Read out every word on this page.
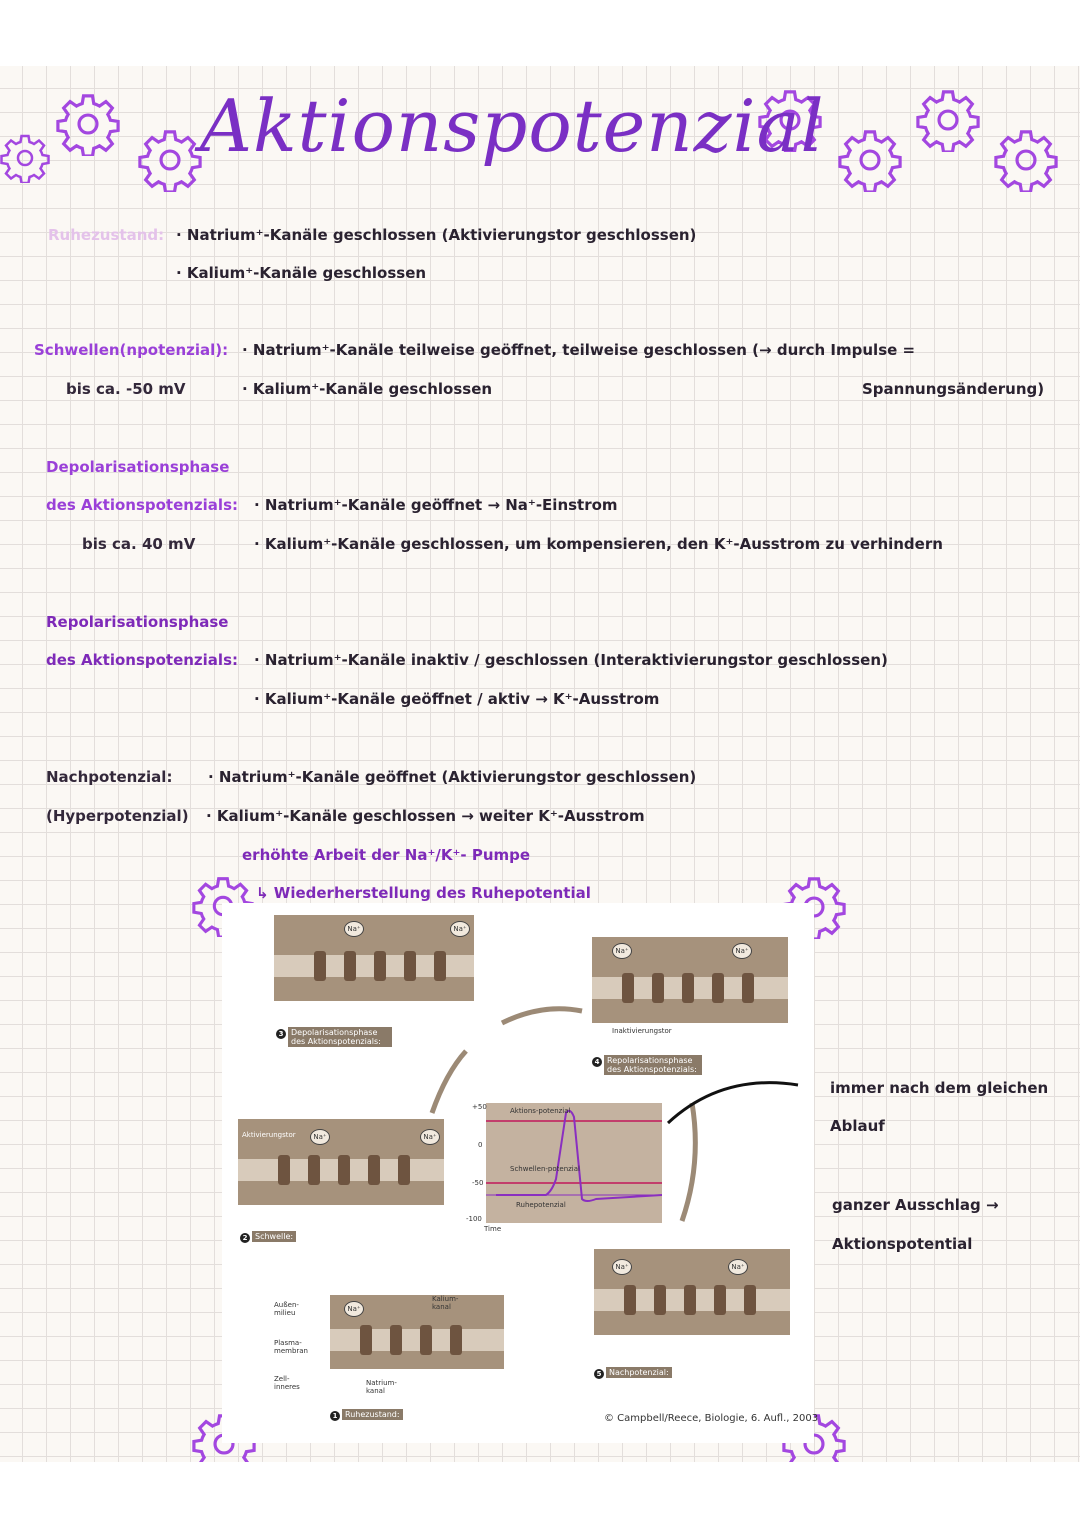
Aktionspotenzial
Ruhezustand: · Natrium⁺-Kanäle geschlossen (Aktivierungstor geschlossen)
· Kalium⁺-Kanäle geschlossen
Schwellen(npotenzial): · Natrium⁺-Kanäle teilweise geöffnet, teilweise geschlossen (→ durch Impulse =
bis ca. -50 mV	· Kalium⁺-Kanäle geschlossen	Spannungsänderung)
Depolarisationsphase
des Aktionspotenzials: · Natrium⁺-Kanäle geöffnet → Na⁺-Einstrom
bis ca. 40 mV	· Kalium⁺-Kanäle geschlossen, um kompensieren, den K⁺-Ausstrom zu verhindern
Repolarisationsphase
des Aktionspotenzials: · Natrium⁺-Kanäle inaktiv / geschlossen (Interaktivierungstor geschlossen)
· Kalium⁺-Kanäle geöffnet / aktiv → K⁺-Ausstrom
Nachpotenzial: · Natrium⁺-Kanäle geöffnet (Aktivierungstor geschlossen)
(Hyperpotenzial) · Kalium⁺-Kanäle geschlossen → weiter K⁺-Ausstrom
erhöhte Arbeit der Na⁺/K⁺- Pumpe
↳ Wiederherstellung des Ruhepotential
immer nach dem gleichen
Ablauf
ganzer Ausschlag →
Aktionspotential
Na⁺	Na⁺
3 Depolarisationsphase des Aktionspotenzials:
Na⁺	Na⁺
Inaktivierungstor
4 Repolarisationsphase des Aktionspotenzials:
Aktivierungstor	Na⁺	Na⁺
2 Schwelle:
Aktions-potenzial
Schwellen-potenzial
Ruhepotenzial
+50
0
-50
-100
Time
Na⁺
Außen-milieu
Plasma-membran
Zell-inneres
Kalium-kanal
Natrium-kanal
1 Ruhezustand:
Na⁺	Na⁺
5 Nachpotenzial:
© Campbell/Reece, Biologie, 6. Aufl., 2003
